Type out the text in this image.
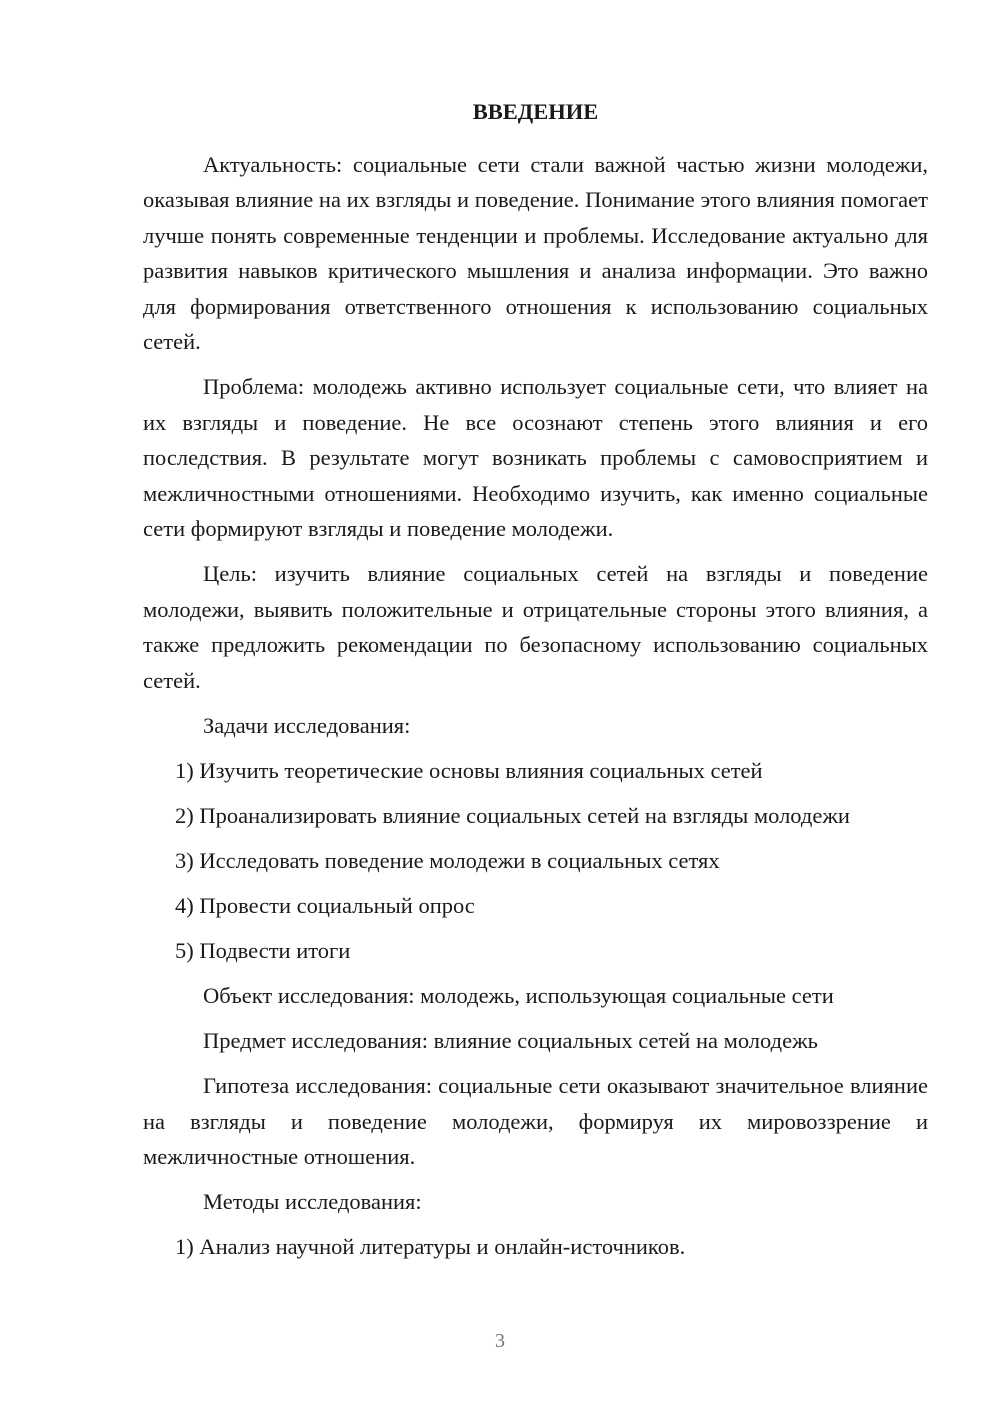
ВВЕДЕНИЕ

Актуальность: социальные сети стали важной частью жизни молодежи, оказывая влияние на их взгляды и поведение. Понимание этого влияния помогает лучше понять современные тенденции и проблемы. Исследование актуально для развития навыков критического мышления и анализа информации. Это важно для формирования ответственного отношения к использованию социальных сетей.

Проблема: молодежь активно использует социальные сети, что влияет на их взгляды и поведение. Не все осознают степень этого влияния и его последствия. В результате могут возникать проблемы с самовосприятием и межличностными отношениями. Необходимо изучить, как именно социальные сети формируют взгляды и поведение молодежи.

Цель: изучить влияние социальных сетей на взгляды и поведение молодежи, выявить положительные и отрицательные стороны этого влияния, а также предложить рекомендации по безопасному использованию социальных сетей.

Задачи исследования:
1) Изучить теоретические основы влияния социальных сетей
2) Проанализировать влияние социальных сетей на взгляды молодежи
3) Исследовать поведение молодежи в социальных сетях
4) Провести социальный опрос
5) Подвести итоги
Объект исследования: молодежь, использующая социальные сети
Предмет исследования: влияние социальных сетей на молодежь

Гипотеза исследования: социальные сети оказывают значительное влияние на взгляды и поведение молодежи, формируя их мировоззрение и межличностные отношения.

Методы исследования:
1) Анализ научной литературы и онлайн-источников.
3
